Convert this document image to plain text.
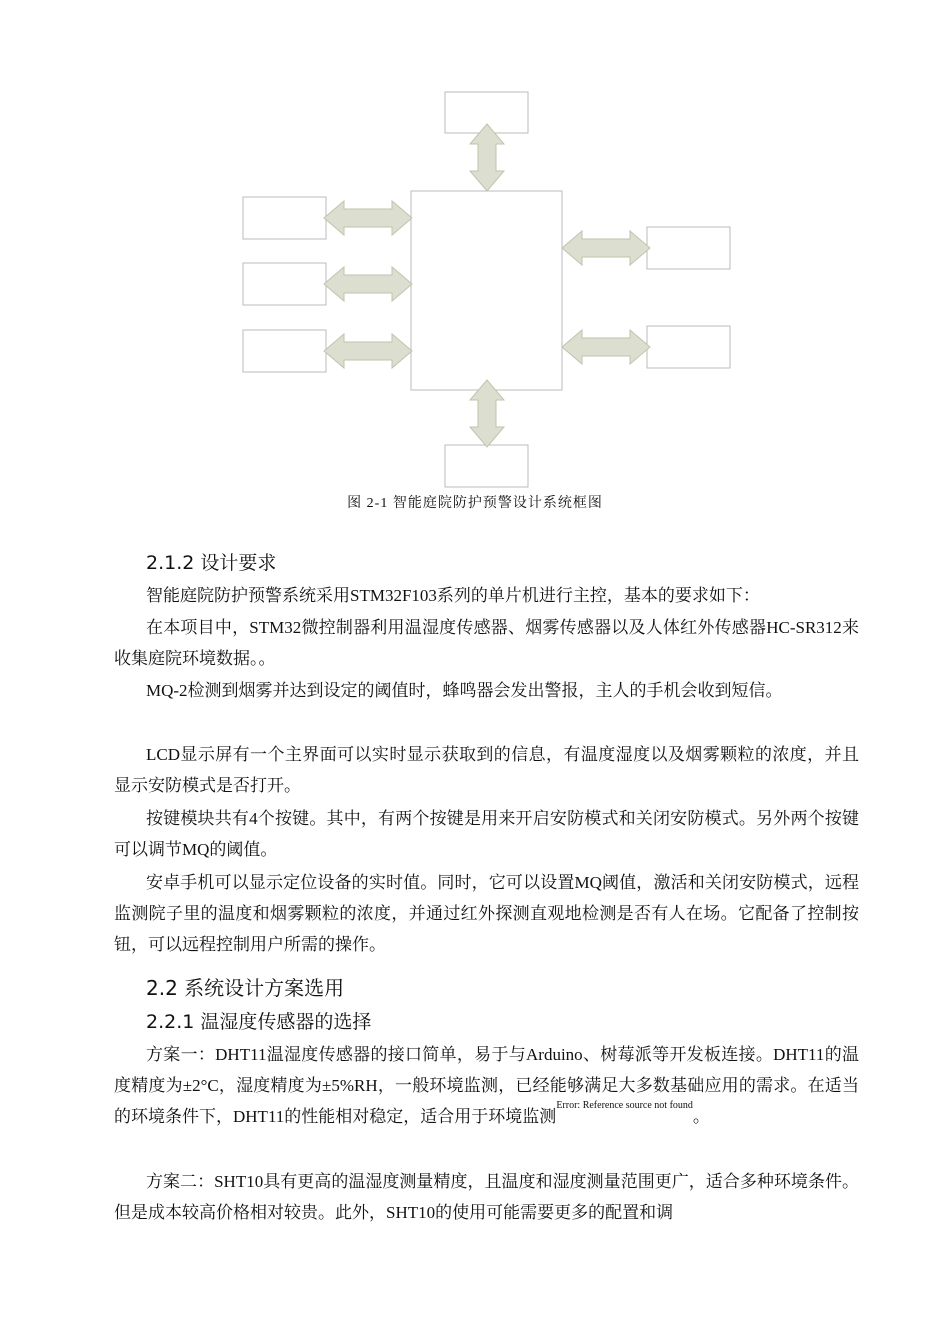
图 2-1 智能庭院防护预警设计系统框图
2.1.2 设计要求
智能庭院防护预警系统采用STM32F103系列的单片机进行主控，基本的要求如下：
在本项目中，STM32微控制器利用温湿度传感器、烟雾传感器以及人体红外传感器HC-SR312来收集庭院环境数据。。
MQ-2检测到烟雾并达到设定的阈值时，蜂鸣器会发出警报，主人的手机会收到短信。
LCD显示屏有一个主界面可以实时显示获取到的信息，有温度湿度以及烟雾颗粒的浓度，并且显示安防模式是否打开。
按键模块共有4个按键。其中，有两个按键是用来开启安防模式和关闭安防模式。另外两个按键可以调节MQ的阈值。
安卓手机可以显示定位设备的实时值。同时，它可以设置MQ阈值，激活和关闭安防模式，远程监测院子里的温度和烟雾颗粒的浓度，并通过红外探测直观地检测是否有人在场。它配备了控制按钮，可以远程控制用户所需的操作。
2.2 系统设计方案选用
2.2.1 温湿度传感器的选择
方案一：DHT11温湿度传感器的接口简单，易于与Arduino、树莓派等开发板连接。DHT11的温度精度为±2°C，湿度精度为±5%RH，一般环境监测，已经能够满足大多数基础应用的需求。在适当的环境条件下，DHT11的性能相对稳定，适合用于环境监测$^{Error: Reference source not found}$。
方案二：SHT10具有更高的温湿度测量精度，且温度和湿度测量范围更广，适合多种环境条件。但是成本较高价格相对较贵。此外，SHT10的使用可能需要更多的配置和调
